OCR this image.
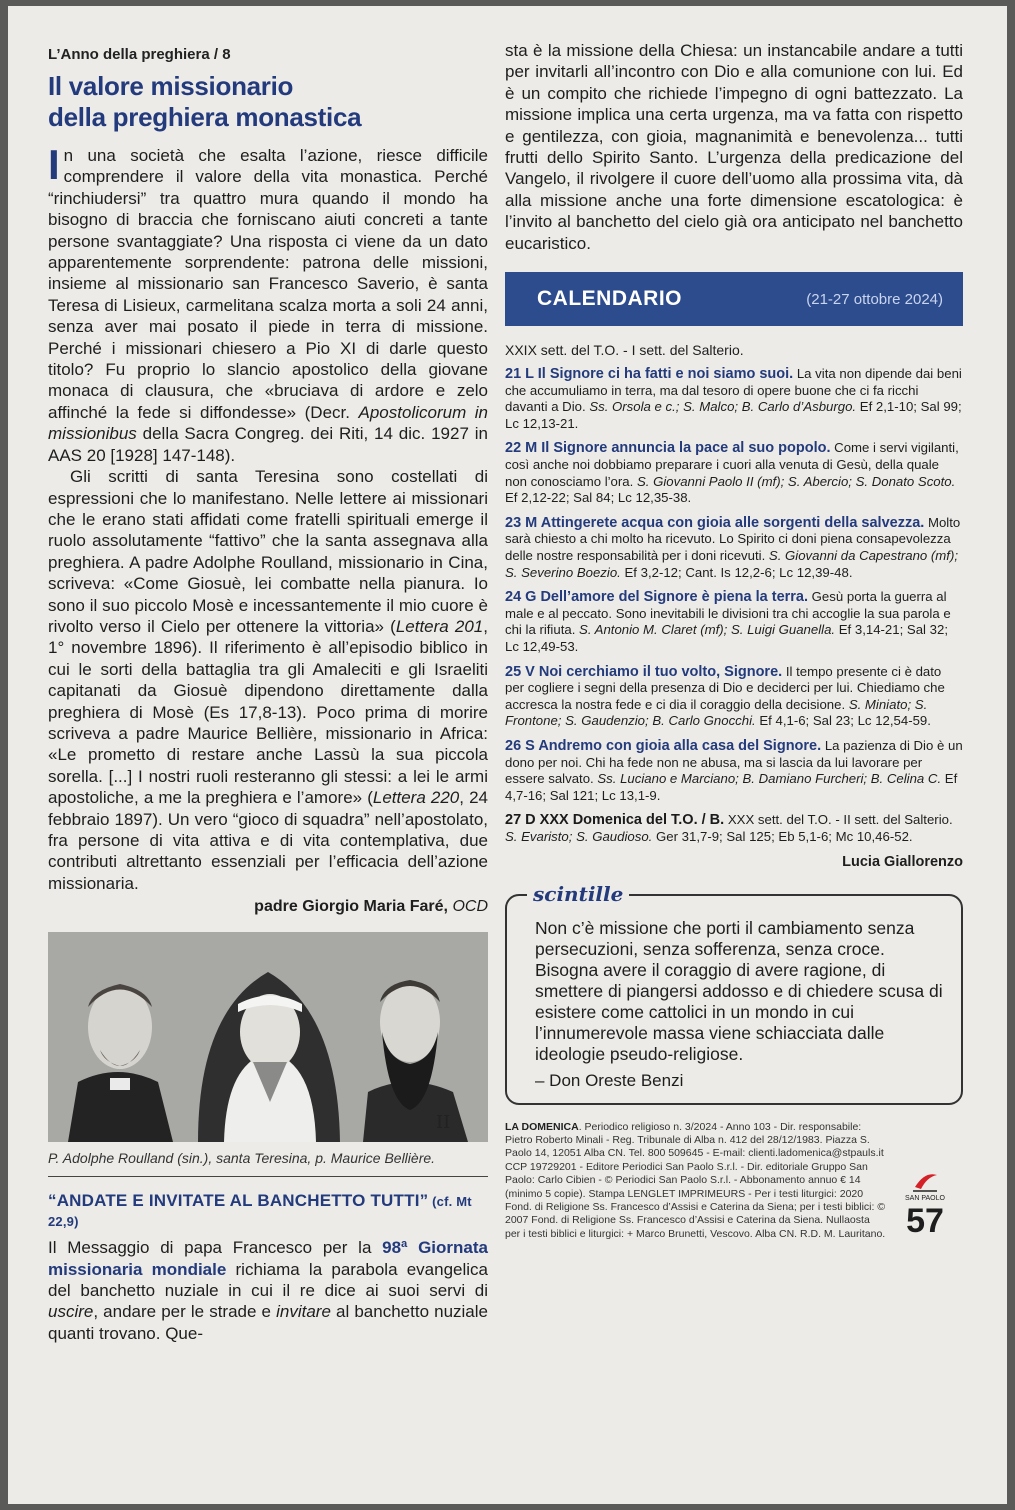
L’Anno della preghiera / 8
Il valore missionario
della preghiera monastica

In una società che esalta l’azione, riesce difficile comprendere il valore della vita monastica. Perché “rinchiudersi” tra quattro mura quando il mondo ha bisogno di braccia che forniscano aiuti concreti a tante persone svantaggiate? Una risposta ci viene da un dato apparentemente sorprendente: patrona delle missioni, insieme al missionario san Francesco Saverio, è santa Teresa di Lisieux, carmelitana scalza morta a soli 24 anni, senza aver mai posato il piede in terra di missione. Perché i missionari chiesero a Pio XI di darle questo titolo? Fu proprio lo slancio apostolico della giovane monaca di clausura, che «bruciava di ardore e zelo affinché la fede si diffondesse» (Decr. Apostolicorum in missionibus della Sacra Congreg. dei Riti, 14 dic. 1927 in AAS 20 [1928] 147-148).

Gli scritti di santa Teresina sono costellati di espressioni che lo manifestano. Nelle lettere ai missionari che le erano stati affidati come fratelli spirituali emerge il ruolo assolutamente “fattivo” che la santa assegnava alla preghiera. A padre Adolphe Roulland, missionario in Cina, scriveva: «Come Giosuè, lei combatte nella pianura. Io sono il suo piccolo Mosè e incessantemente il mio cuore è rivolto verso il Cielo per ottenere la vittoria» (Lettera 201, 1° novembre 1896). Il riferimento è all’episodio biblico in cui le sorti della battaglia tra gli Amaleciti e gli Israeliti capitanati da Giosuè dipendono direttamente dalla preghiera di Mosè (Es 17,8-13). Poco prima di morire scriveva a padre Maurice Bellière, missionario in Africa: «Le prometto di restare anche Lassù la sua piccola sorella. [...] I nostri ruoli resteranno gli stessi: a lei le armi apostoliche, a me la preghiera e l’amore» (Lettera 220, 24 febbraio 1897). Un vero “gioco di squadra” nell’apostolato, fra persone di vita attiva e di vita contemplativa, due contributi altrettanto essenziali per l’efficacia dell’azione missionaria.

padre Giorgio Maria Faré, OCD
II
P. Adolphe Roulland (sin.), santa Teresina, p. Maurice Bellière.
“ANDATE E INVITATE AL BANCHETTO TUTTI” (cf. Mt 22,9)

Il Messaggio di papa Francesco per la 98ª Giornata missionaria mondiale richiama la parabola evangelica del banchetto nuziale in cui il re dice ai suoi servi di uscire, andare per le strade e invitare al banchetto nuziale quanti trovano. Que-

sta è la missione della Chiesa: un instancabile andare a tutti per invitarli all’incontro con Dio e alla comunione con lui. Ed è un compito che richiede l’impegno di ogni battezzato. La missione implica una certa urgenza, ma va fatta con rispetto e gentilezza, con gioia, magnanimità e benevolenza... tutti frutti dello Spirito Santo. L’urgenza della predicazione del Vangelo, il rivolgere il cuore dell’uomo alla prossima vita, dà alla missione anche una forte dimensione escatologica: è l’invito al banchetto del cielo già ora anticipato nel banchetto eucaristico.

CALENDARIO	(21-27 ottobre 2024)
XXIX sett. del T.O. - I sett. del Salterio.

21 L Il Signore ci ha fatti e noi siamo suoi. La vita non dipende dai beni che accumuliamo in terra, ma dal tesoro di opere buone che ci fa ricchi davanti a Dio. Ss. Orsola e c.; S. Malco; B. Carlo d’Asburgo. Ef 2,1-10; Sal 99; Lc 12,13-21.

22 M Il Signore annuncia la pace al suo popolo. Come i servi vigilanti, così anche noi dobbiamo preparare i cuori alla venuta di Gesù, della quale non conosciamo l’ora. S. Giovanni Paolo II (mf); S. Abercio; S. Donato Scoto. Ef 2,12-22; Sal 84; Lc 12,35-38.

23 M Attingerete acqua con gioia alle sorgenti della salvezza. Molto sarà chiesto a chi molto ha ricevuto. Lo Spirito ci doni piena consapevolezza delle nostre responsabilità per i doni ricevuti. S. Giovanni da Capestrano (mf); S. Severino Boezio. Ef 3,2-12; Cant. Is 12,2-6; Lc 12,39-48.

24 G Dell’amore del Signore è piena la terra. Gesù porta la guerra al male e al peccato. Sono inevitabili le divisioni tra chi accoglie la sua parola e chi la rifiuta. S. Antonio M. Claret (mf); S. Luigi Guanella. Ef 3,14-21; Sal 32; Lc 12,49-53.

25 V Noi cerchiamo il tuo volto, Signore. Il tempo presente ci è dato per cogliere i segni della presenza di Dio e deciderci per lui. Chiediamo che accresca la nostra fede e ci dia il coraggio della decisione. S. Miniato; S. Frontone; S. Gaudenzio; B. Carlo Gnocchi. Ef 4,1-6; Sal 23; Lc 12,54-59.

26 S Andremo con gioia alla casa del Signore. La pazienza di Dio è un dono per noi. Chi ha fede non ne abusa, ma si lascia da lui lavorare per essere salvato. Ss. Luciano e Marciano; B. Damiano Furcheri; B. Celina C. Ef 4,7-16; Sal 121; Lc 13,1-9.

27 D XXX Domenica del T.O. / B. XXX sett. del T.O. - II sett. del Salterio. S. Evaristo; S. Gaudioso. Ger 31,7-9; Sal 125; Eb 5,1-6; Mc 10,46-52.

Lucia Giallorenzo
scintille

Non c’è missione che porti il cambiamento senza persecuzioni, senza sofferenza, senza croce. Bisogna avere il coraggio di avere ragione, di smettere di piangersi addosso e di chiedere scusa di esistere come cattolici in un mondo in cui l’innumerevole massa viene schiacciata dalle ideologie pseudo-religiose.

– Don Oreste Benzi
LA DOMENICA. Periodico religioso n. 3/2024 - Anno 103 - Dir. responsabile: Pietro Roberto Minali - Reg. Tribunale di Alba n. 412 del 28/12/1983. Piazza S. Paolo 14, 12051 Alba CN. Tel. 800 509645 - E-mail: clienti.ladomenica@stpauls.it CCP 19729201 - Editore Periodici San Paolo S.r.l. - Dir. editoriale Gruppo San Paolo: Carlo Cibien - © Periodici San Paolo S.r.l. - Abbonamento annuo € 14 (minimo 5 copie). Stampa LENGLET IMPRIMEURS - Per i testi liturgici: 2020 Fond. di Religione Ss. Francesco d’Assisi e Caterina da Siena; per i testi biblici: © 2007 Fond. di Religione Ss. Francesco d’Assisi e Caterina da Siena. Nullaosta per i testi biblici e liturgici: + Marco Brunetti, Vescovo. Alba CN. R.D. M. Lauritano.
SAN PAOLO
57
